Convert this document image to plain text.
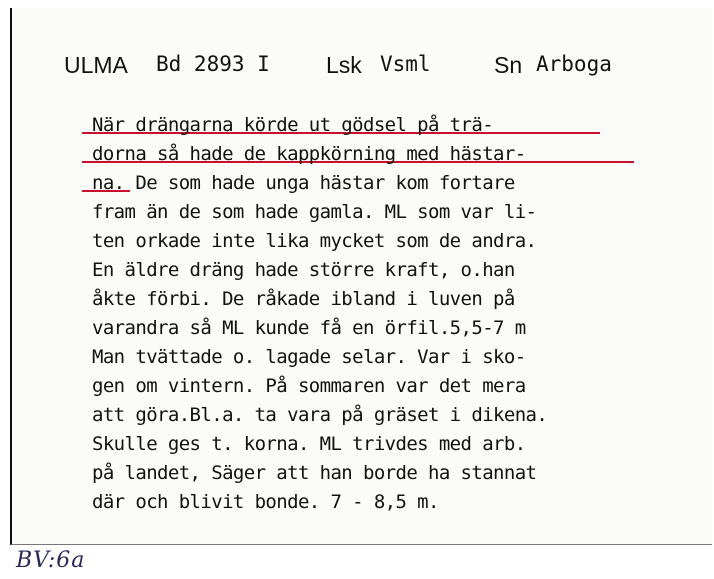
ULMA Bd 2893 I Lsk Vsml	Sn Arboga
När drängarna körde ut gödsel på trä-
dorna så hade de kappkörning med hästar-
na. De som hade unga hästar kom fortare
fram än de som hade gamla. ML som var li-
ten orkade inte lika mycket som de andra.
En äldre dräng hade större kraft, o.han
åkte förbi. De råkade ibland i luven på
varandra så ML kunde få en örfil.5,5-7 m
Man tvättade o. lagade selar. Var i sko-
gen om vintern. På sommaren var det mera
att göra.Bl.a. ta vara på gräset i dikena.
Skulle ges t. korna. ML trivdes med arb.
på landet, Säger att han borde ha stannat
där och blivit bonde. 7 - 8,5 m.
BV:6a
